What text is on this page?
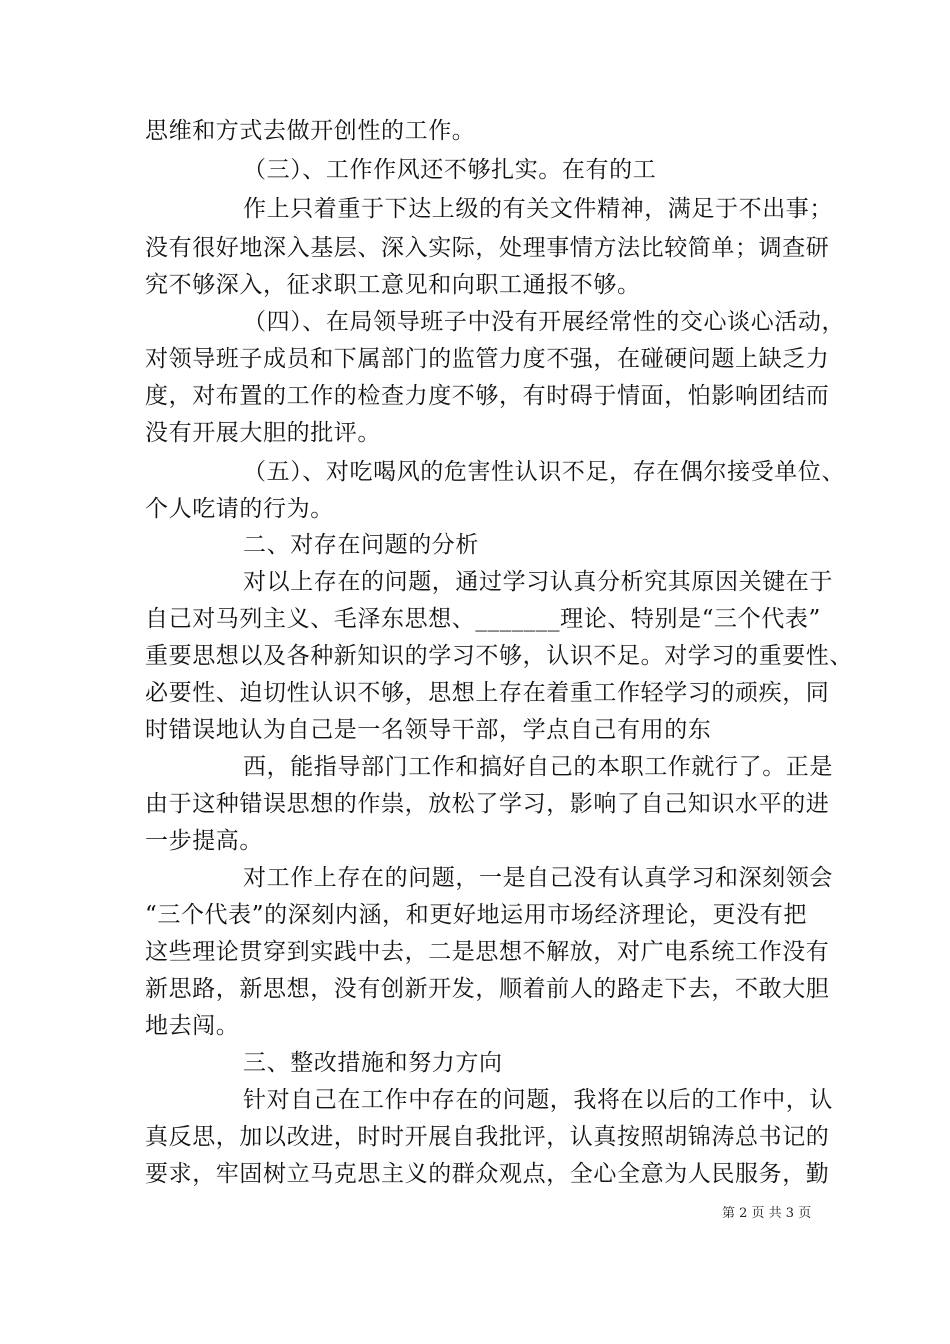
思维和方式去做开创性的工作。
（三）、工作作风还不够扎实。在有的工
作上只着重于下达上级的有关文件精神，满足于不出事；
没有很好地深入基层、深入实际，处理事情方法比较简单；调查研
究不够深入，征求职工意见和向职工通报不够。
（四）、在局领导班子中没有开展经常性的交心谈心活动，
对领导班子成员和下属部门的监管力度不强，在碰硬问题上缺乏力
度，对布置的工作的检查力度不够，有时碍于情面，怕影响团结而
没有开展大胆的批评。
（五）、对吃喝风的危害性认识不足，存在偶尔接受单位、
个人吃请的行为。
二、对存在问题的分析
对以上存在的问题，通过学习认真分析究其原因关键在于
自己对马列主义、毛泽东思想、_______理论、特别是“三个代表”
重要思想以及各种新知识的学习不够，认识不足。对学习的重要性、
必要性、迫切性认识不够，思想上存在着重工作轻学习的顽疾，同
时错误地认为自己是一名领导干部，学点自己有用的东
西，能指导部门工作和搞好自己的本职工作就行了。正是
由于这种错误思想的作祟，放松了学习，影响了自己知识水平的进
一步提高。
对工作上存在的问题，一是自己没有认真学习和深刻领会
“三个代表”的深刻内涵，和更好地运用市场经济理论，更没有把
这些理论贯穿到实践中去，二是思想不解放，对广电系统工作没有
新思路，新思想，没有创新开发，顺着前人的路走下去，不敢大胆
地去闯。
三、整改措施和努力方向
针对自己在工作中存在的问题，我将在以后的工作中，认
真反思，加以改进，时时开展自我批评，认真按照胡锦涛总书记的
要求，牢固树立马克思主义的群众观点，全心全意为人民服务，勤
第 2 页 共 3 页
